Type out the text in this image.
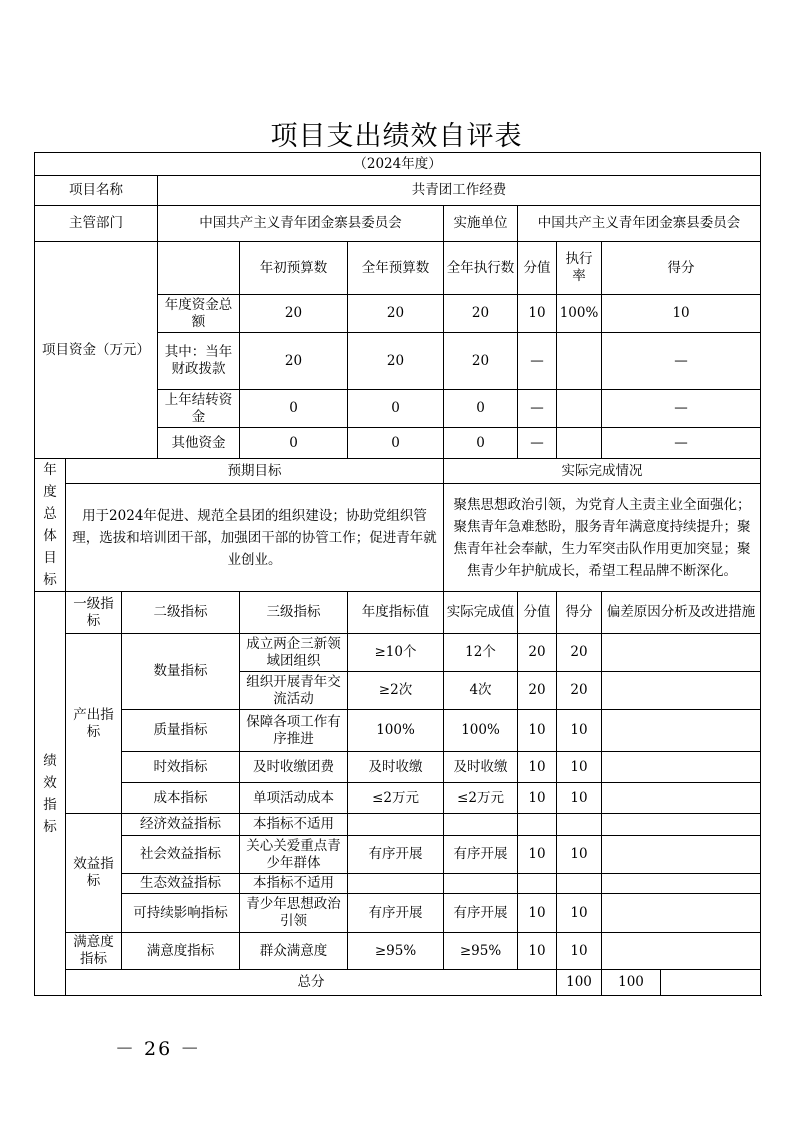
项目支出绩效自评表
（2024年度）										
项目名称			共青团工作经费							
主管部门			中国共产主义青年团金寨县委员会			实施单位	中国共产主义青年团金寨县委员会			
项目资金（万元）				年初预算数	全年预算数	全年执行数	分值	执行率	得分	
			年度资金总额	20	20	20	10	100%	10	
			其中：当年财政拨款	20	20	20	—		—	
			上年结转资金	0	0	0	—		—	
			其他资金	0	0	0	—		—	

年度总体目标	预期目标					实际完成情况				
	用于2024年促进、规范全县团的组织建设；协助党组织管理，选拔和培训团干部，加强团干部的协管工作；促进青年就业创业。					聚焦思想政治引领，为党育人主责主业全面强化；聚焦青年急难愁盼，服务青年满意度持续提升；聚焦青年社会奉献，生力军突击队作用更加突显；聚焦青少年护航成长，希望工程品牌不断深化。				

绩效指标	一级指标	二级指标		三级指标	年度指标值	实际完成值	分值	得分	偏差原因分析及改进措施	
	产出指标	数量指标		成立两企三新领域团组织	≥10个	12个	20	20		
				组织开展青年交流活动	≥2次	4次	20	20		
		质量指标		保障各项工作有序推进	100%	100%	10	10		
		时效指标		及时收缴团费	及时收缴	及时收缴	10	10		
		成本指标		单项活动成本	≤2万元	≤2万元	10	10		
	效益指标	经济效益指标		本指标不适用						
		社会效益指标		关心关爱重点青少年群体	有序开展	有序开展	10	10		
		生态效益指标		本指标不适用						
		可持续影响指标		青少年思想政治引领	有序开展	有序开展	10	10		
	满意度指标	满意度指标		群众满意度	≥95%	≥95%	10	10		
	总分							100	100	
－ 26 －
